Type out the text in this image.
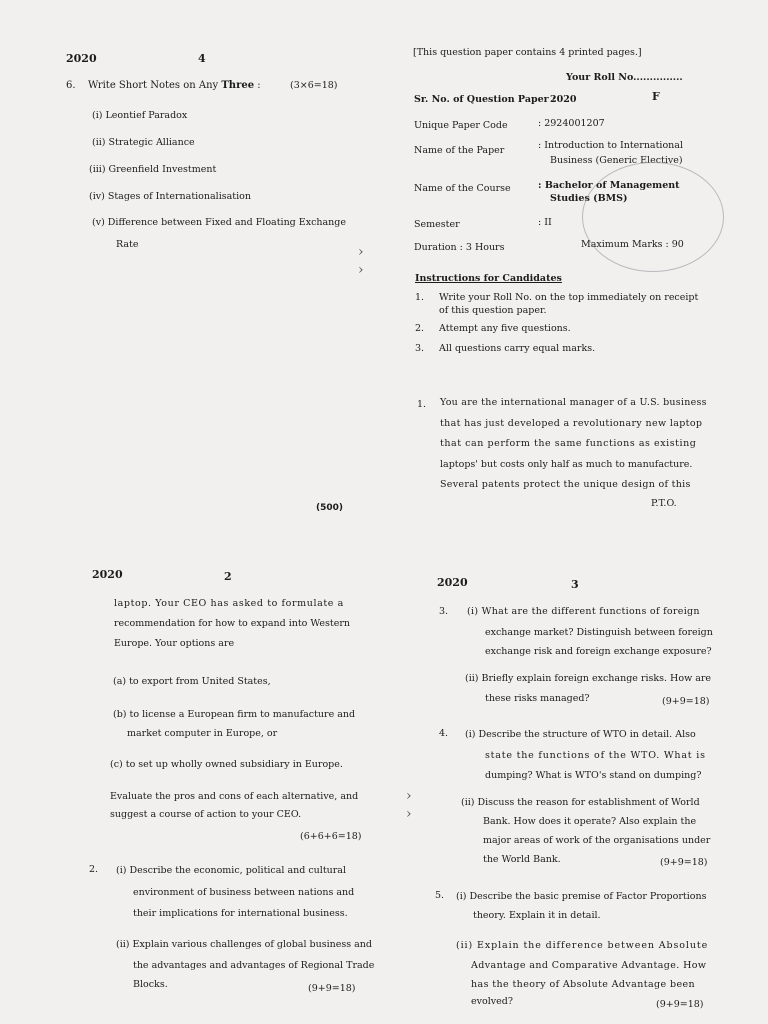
2020	4
6. Write Short Notes on Any Three :	(3×6=18)
(i) Leontief Paradox
(ii) Strategic Alliance
(iii) Greenfield Investment
(iv) Stages of Internationalisation
(v) Difference between Fixed and Floating Exchange
Rate
(500)
[This question paper contains 4 printed pages.]
Your Roll No...............
Sr. No. of Question Paper :
2020	F
Unique Paper Code	: 2924001207
Name of the Paper	: Introduction to International
Business (Generic Elective)
Name of the Course	: Bachelor of Management
Studies (BMS)
Semester	: II
Duration : 3 Hours	Maximum Marks : 90
Instructions for Candidates
1. Write your Roll No. on the top immediately on receipt
of this question paper.
2. Attempt any five questions.
3. All questions carry equal marks.
1. You are the international manager of a U.S. business
that has just developed a revolutionary new laptop
that can perform the same functions as existing
laptops' but costs only half as much to manufacture.
Several patents protect the unique design of this
P.T.O.
2020	2
laptop. Your CEO has asked to formulate a
recommendation for how to expand into Western
Europe. Your options are
(a) to export from United States,
(b) to license a European firm to manufacture and
market computer in Europe, or
(c) to set up wholly owned subsidiary in Europe.
Evaluate the pros and cons of each alternative, and
suggest a course of action to your CEO.
(6+6+6=18)
2. (i) Describe the economic, political and cultural
environment of business between nations and
their implications for international business.
(ii) Explain various challenges of global business and
the advantages and advantages of Regional Trade
Blocks.	(9+9=18)
2020	3
3. (i) What are the different functions of foreign
exchange market? Distinguish between foreign
exchange risk and foreign exchange exposure?
(ii) Briefly explain foreign exchange risks. How are
these risks managed?	(9+9=18)
4. (i) Describe the structure of WTO in detail. Also
state the functions of the WTO. What is
dumping? What is WTO's stand on dumping?
(ii) Discuss the reason for establishment of World
Bank. How does it operate? Also explain the
major areas of work of the organisations under
the World Bank.	(9+9=18)
5. (i) Describe the basic premise of Factor Proportions
theory. Explain it in detail.
(ii) Explain the difference between Absolute
Advantage and Comparative Advantage. How
has the theory of Absolute Advantage been
evolved?	(9+9=18)
›
›
›
›
